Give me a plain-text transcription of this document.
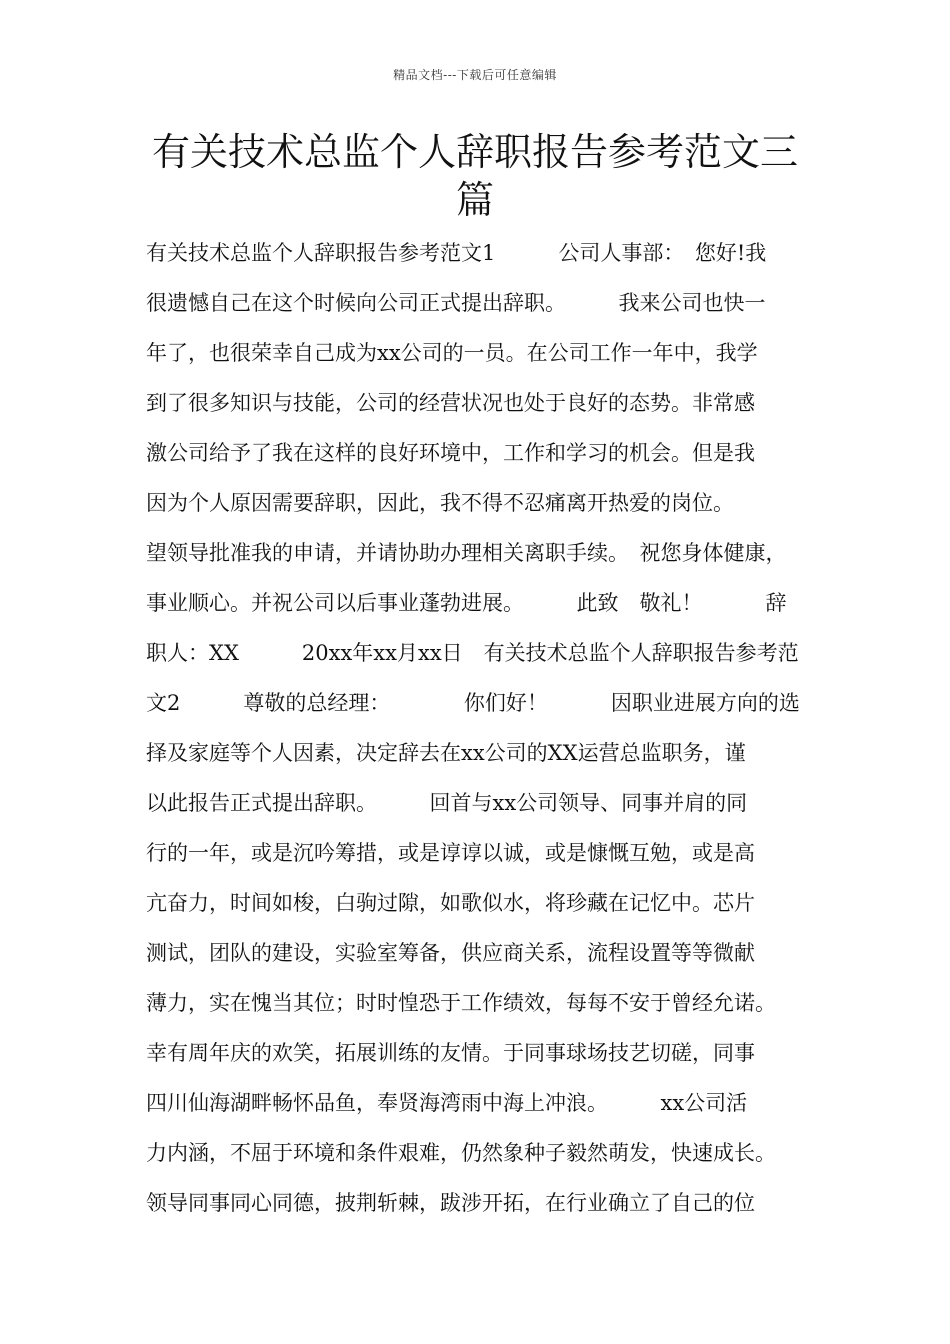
精品文档---下载后可任意编辑
有关技术总监个人辞职报告参考范文三
篇
有关技术总监个人辞职报告参考范文1　　　公司人事部：　您好!我
很遗憾自己在这个时候向公司正式提出辞职。　　　我来公司也快一
年了，也很荣幸自己成为xx公司的一员。在公司工作一年中，我学
到了很多知识与技能，公司的经营状况也处于良好的态势。非常感
激公司给予了我在这样的良好环境中，工作和学习的机会。但是我
因为个人原因需要辞职，因此，我不得不忍痛离开热爱的岗位。
望领导批准我的申请，并请协助办理相关离职手续。　祝您身体健康，
事业顺心。并祝公司以后事业蓬勃进展。　　　此致　敬礼！　　　辞
职人：XX　　　20xx年xx月xx日　有关技术总监个人辞职报告参考范
文2　　　尊敬的总经理：　　　　你们好！　　　因职业进展方向的选
择及家庭等个人因素，决定辞去在xx公司的XX运营总监职务，谨
以此报告正式提出辞职。　　　回首与xx公司领导、同事并肩的同
行的一年，或是沉吟筹措，或是谆谆以诚，或是慷慨互勉，或是高
亢奋力，时间如梭，白驹过隙，如歌似水，将珍藏在记忆中。芯片
测试，团队的建设，实验室筹备，供应商关系，流程设置等等微献
薄力，实在愧当其位；时时惶恐于工作绩效，每每不安于曾经允诺。
幸有周年庆的欢笑，拓展训练的友情。于同事球场技艺切磋，同事
四川仙海湖畔畅怀品鱼，奉贤海湾雨中海上冲浪。　　　xx公司活
力内涵，不屈于环境和条件艰难，仍然象种子毅然萌发，快速成长。
领导同事同心同德，披荆斩棘，跋涉开拓，在行业确立了自己的位
